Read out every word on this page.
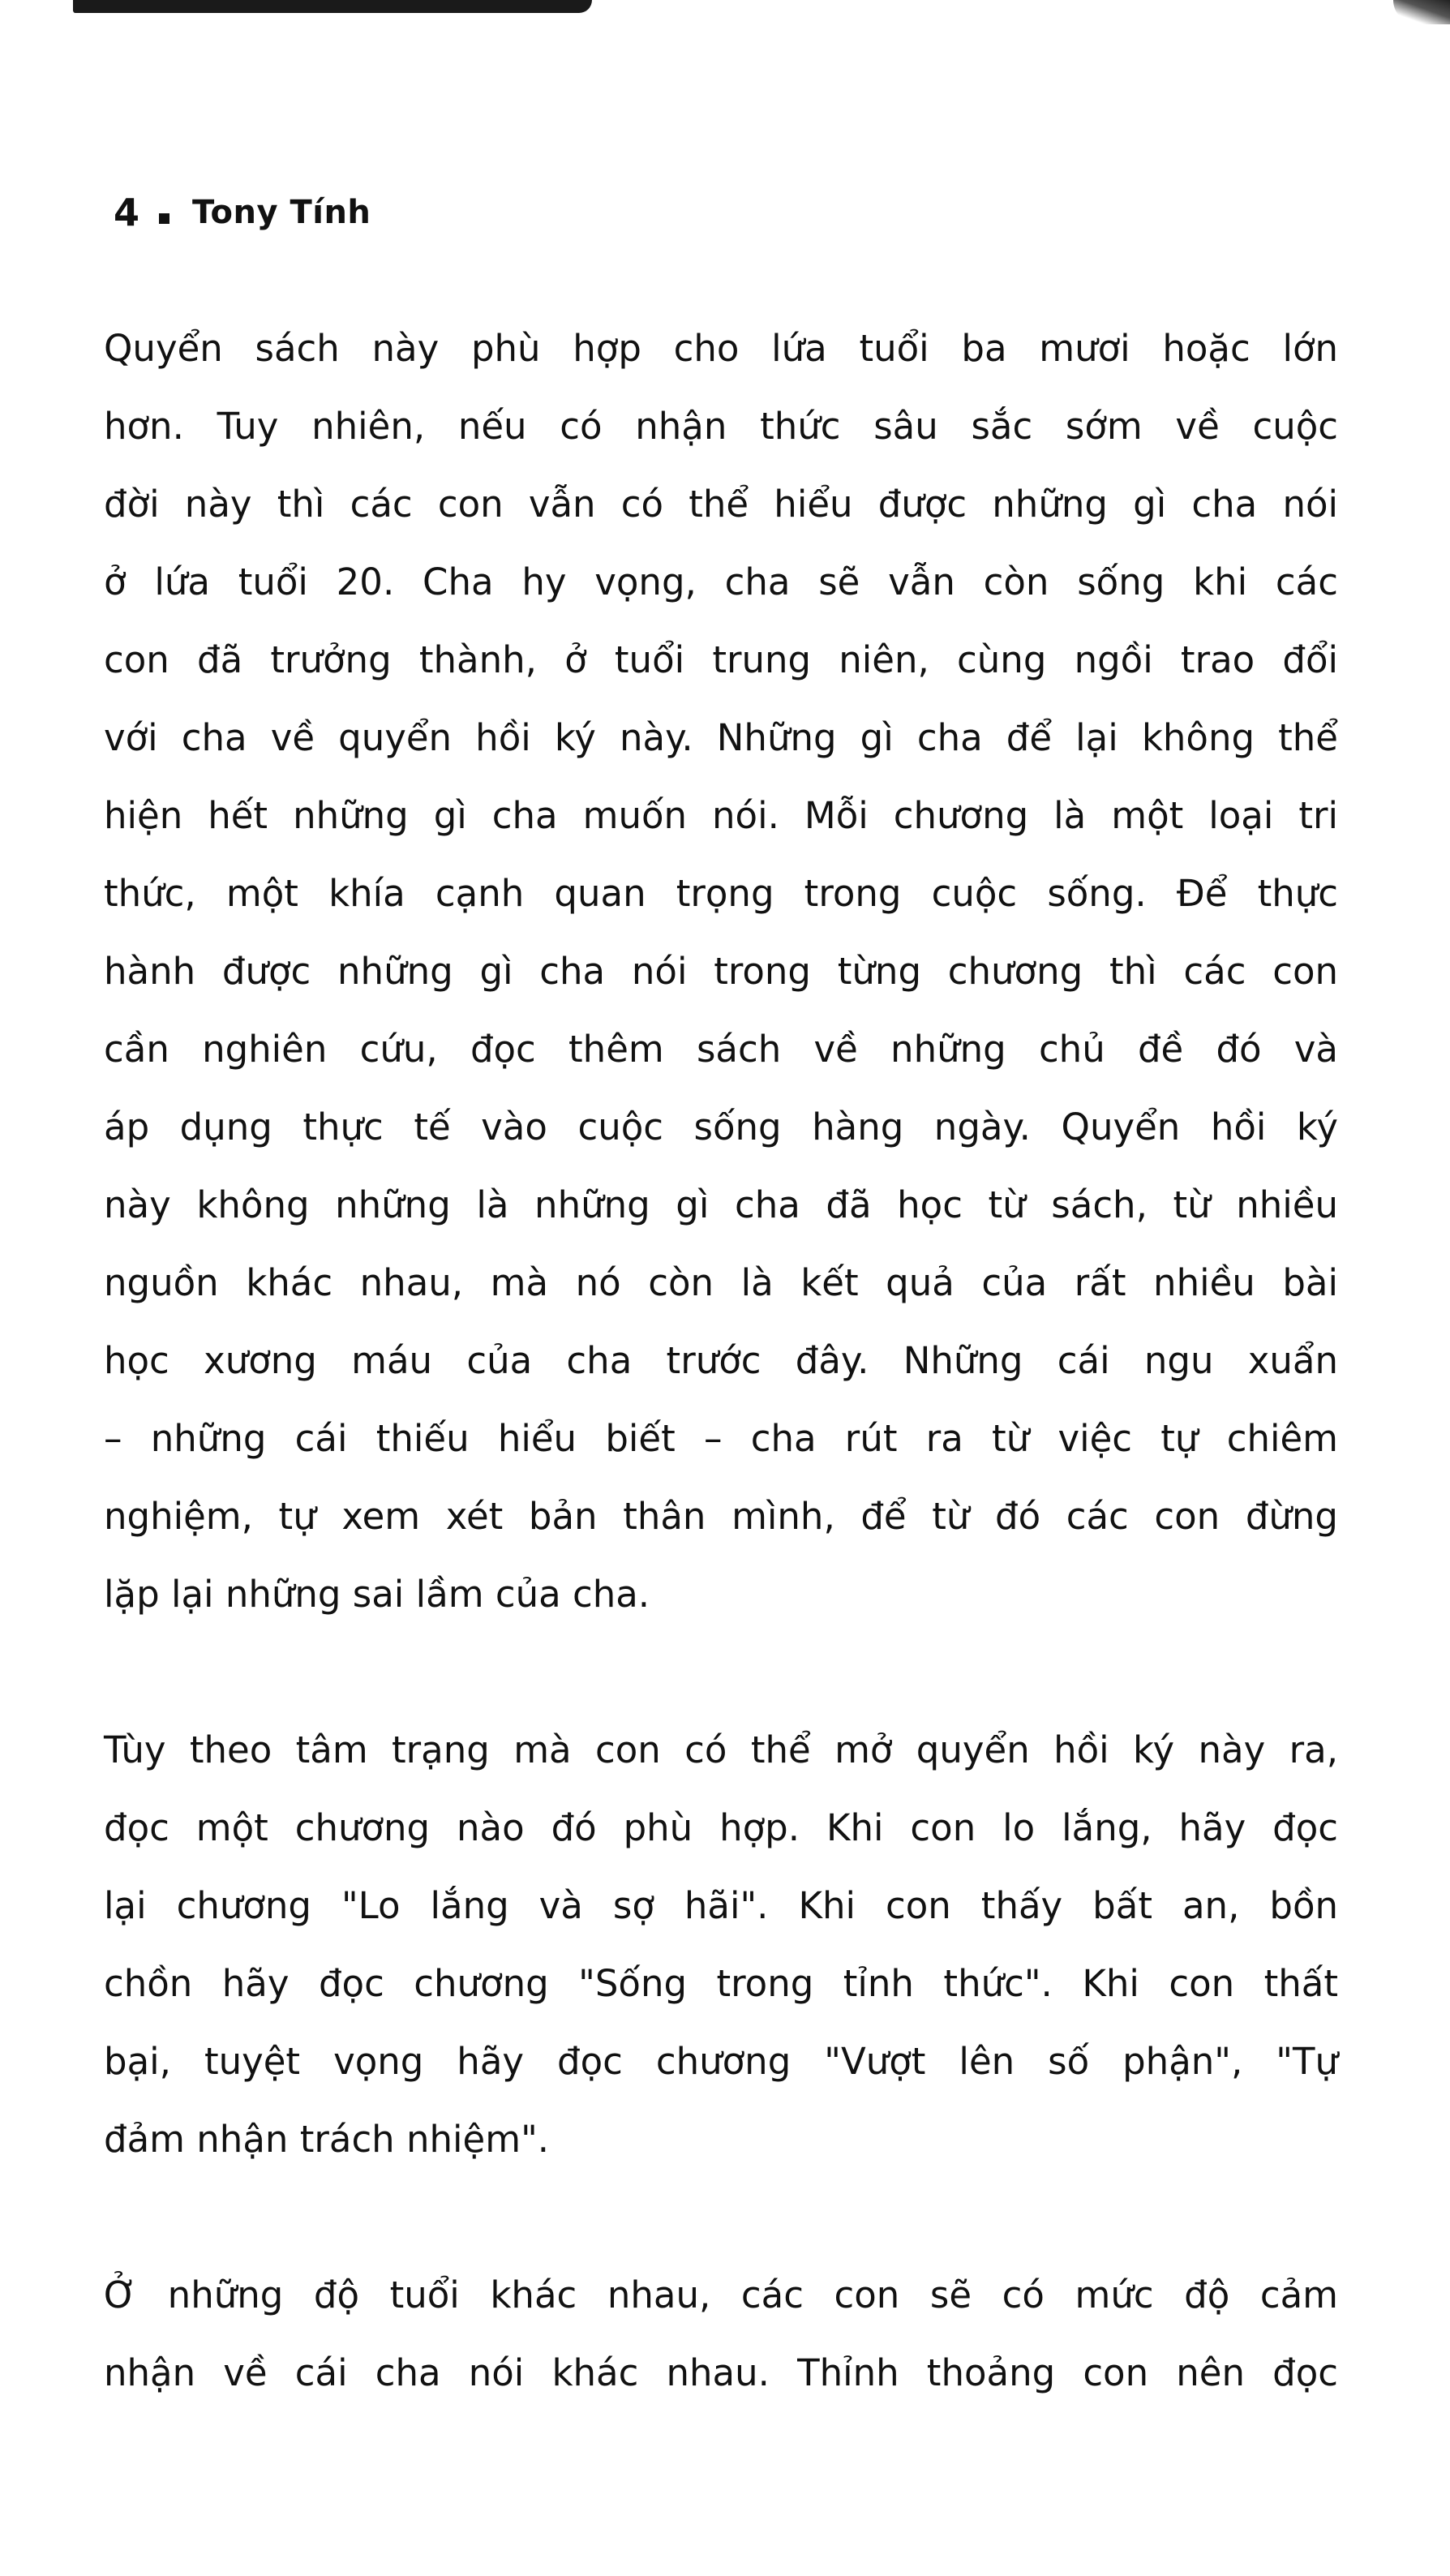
4 Tony Tính
Quyển sách này phù hợp cho lứa tuổi ba mươi hoặc lớn
hơn. Tuy nhiên, nếu có nhận thức sâu sắc sớm về cuộc
đời này thì các con vẫn có thể hiểu được những gì cha nói
ở lứa tuổi 20. Cha hy vọng, cha sẽ vẫn còn sống khi các
con đã trưởng thành, ở tuổi trung niên, cùng ngồi trao đổi
với cha về quyển hồi ký này. Những gì cha để lại không thể
hiện hết những gì cha muốn nói. Mỗi chương là một loại tri
thức, một khía cạnh quan trọng trong cuộc sống. Để thực
hành được những gì cha nói trong từng chương thì các con
cần nghiên cứu, đọc thêm sách về những chủ đề đó và
áp dụng thực tế vào cuộc sống hàng ngày. Quyển hồi ký
này không những là những gì cha đã học từ sách, từ nhiều
nguồn khác nhau, mà nó còn là kết quả của rất nhiều bài
học xương máu của cha trước đây. Những cái ngu xuẩn
– những cái thiếu hiểu biết – cha rút ra từ việc tự chiêm
nghiệm, tự xem xét bản thân mình, để từ đó các con đừng
lặp lại những sai lầm của cha.
Tùy theo tâm trạng mà con có thể mở quyển hồi ký này ra,
đọc một chương nào đó phù hợp. Khi con lo lắng, hãy đọc
lại chương "Lo lắng và sợ hãi". Khi con thấy bất an, bồn
chồn hãy đọc chương "Sống trong tỉnh thức". Khi con thất
bại, tuyệt vọng hãy đọc chương "Vượt lên số phận", "Tự
đảm nhận trách nhiệm".
Ở những độ tuổi khác nhau, các con sẽ có mức độ cảm
nhận về cái cha nói khác nhau. Thỉnh thoảng con nên đọc
